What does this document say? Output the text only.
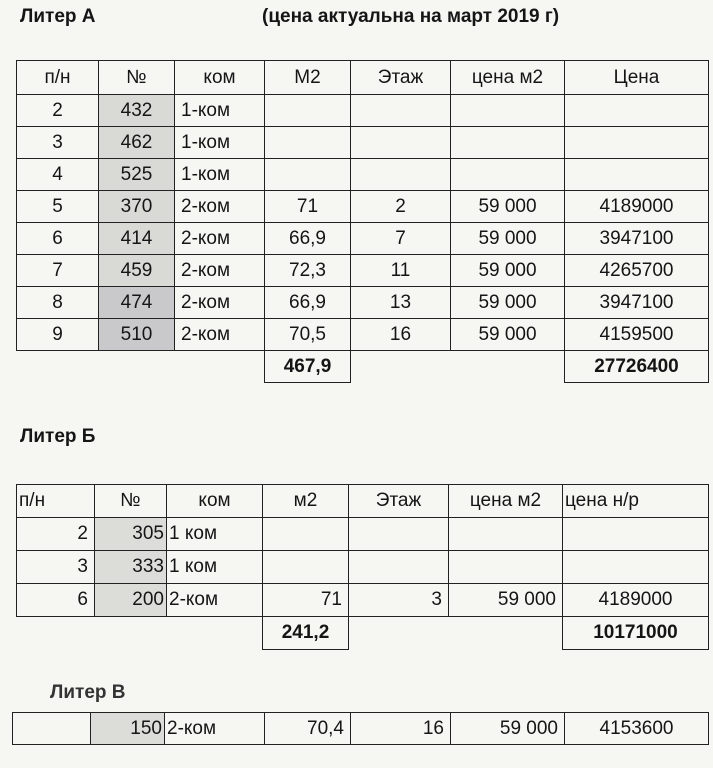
Литер А	(цена актуальна на март 2019 г)
п/н	№	ком	М2	Этаж	цена м2	Цена
2	432	1-ком				
3	462	1-ком				
4	525	1-ком				
5	370	2-ком	71	2	59 000	4189000
6	414	2-ком	66,9	7	59 000	3947100
7	459	2-ком	72,3	11	59 000	4265700
8	474	2-ком	66,9	13	59 000	3947100
9	510	2-ком	70,5	16	59 000	4159500
			467,9			27726400
Литер Б
п/н	№	ком	м2	Этаж	цена м2	цена н/р
2	305	1 ком				
3	333	1 ком				
6	200	2-ком	71	3	59 000	4189000
			241,2			10171000
Литер В
	150	2-ком	70,4	16	59 000	4153600
